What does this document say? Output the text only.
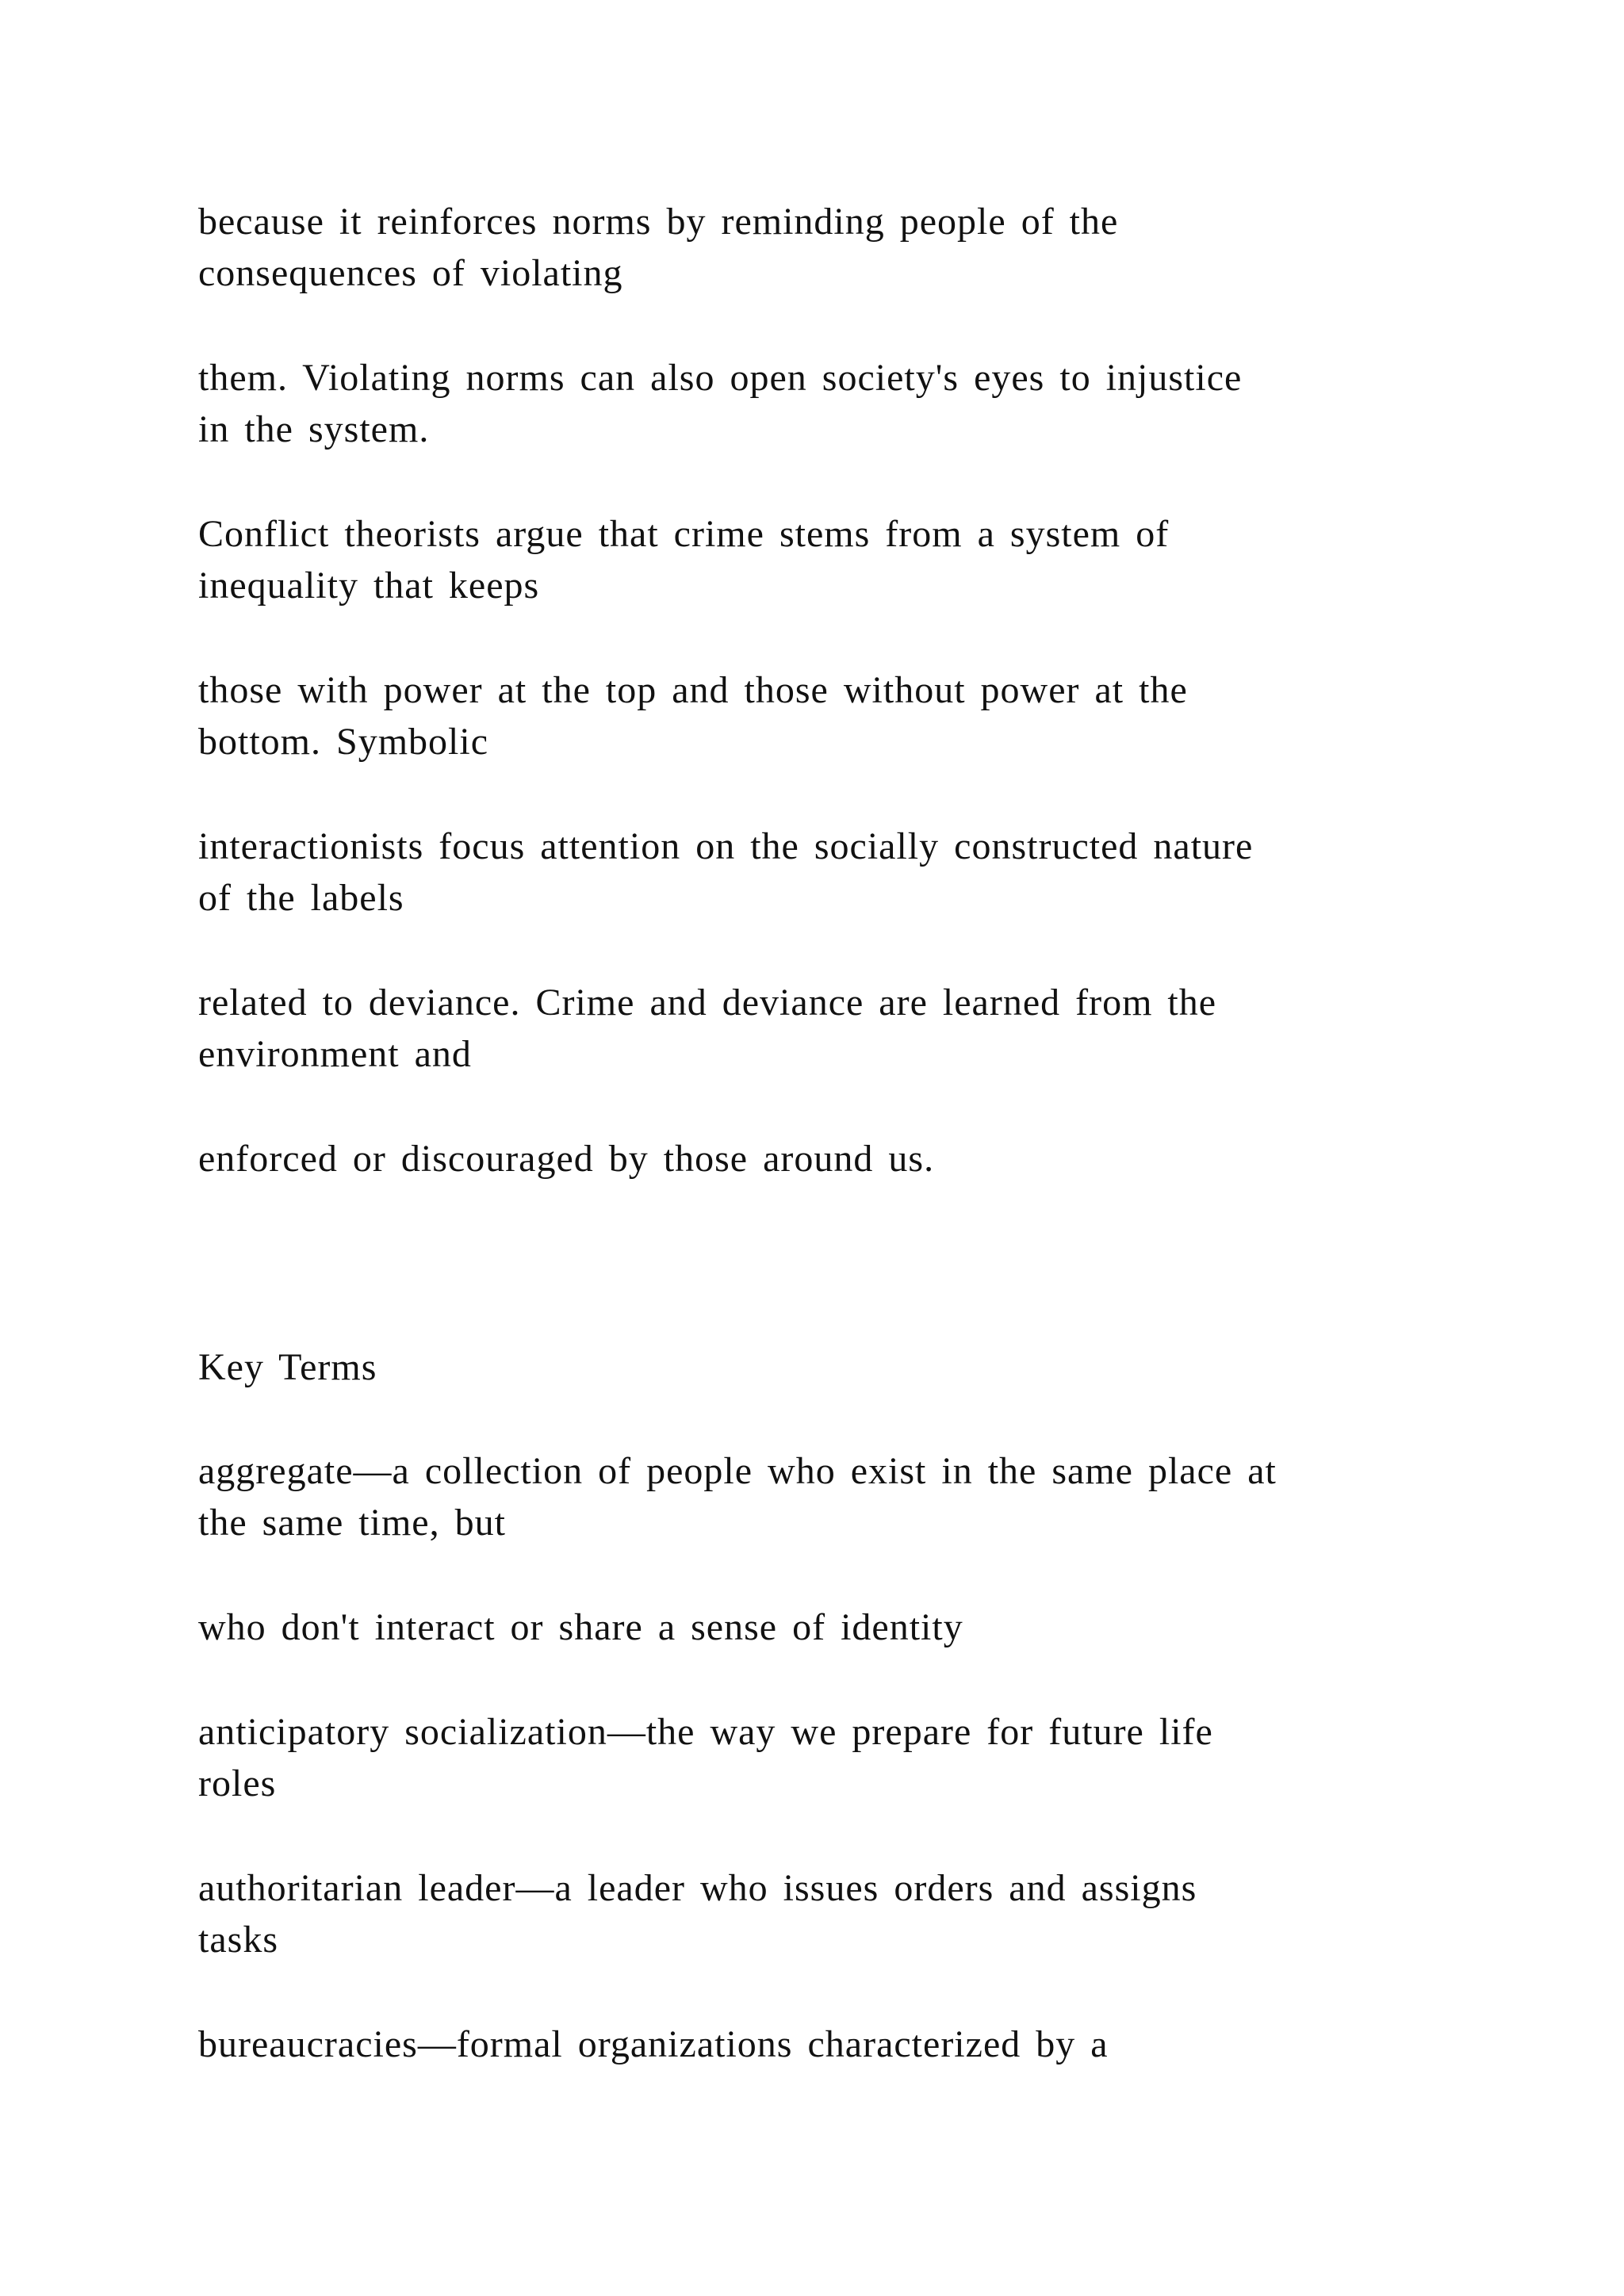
because it reinforces norms by reminding people of the

consequences of violating

them. Violating norms can also open society's eyes to injustice

in the system.

Conflict theorists argue that crime stems from a system of

inequality that keeps

those with power at the top and those without power at the

bottom. Symbolic

interactionists focus attention on the socially constructed nature

of the labels

related to deviance. Crime and deviance are learned from the

environment and

enforced or discouraged by those around us.

Key Terms

aggregate—a collection of people who exist in the same place at

the same time, but

who don't interact or share a sense of identity

anticipatory socialization—the way we prepare for future life

roles

authoritarian leader—a leader who issues orders and assigns

tasks

bureaucracies—formal organizations characterized by a
